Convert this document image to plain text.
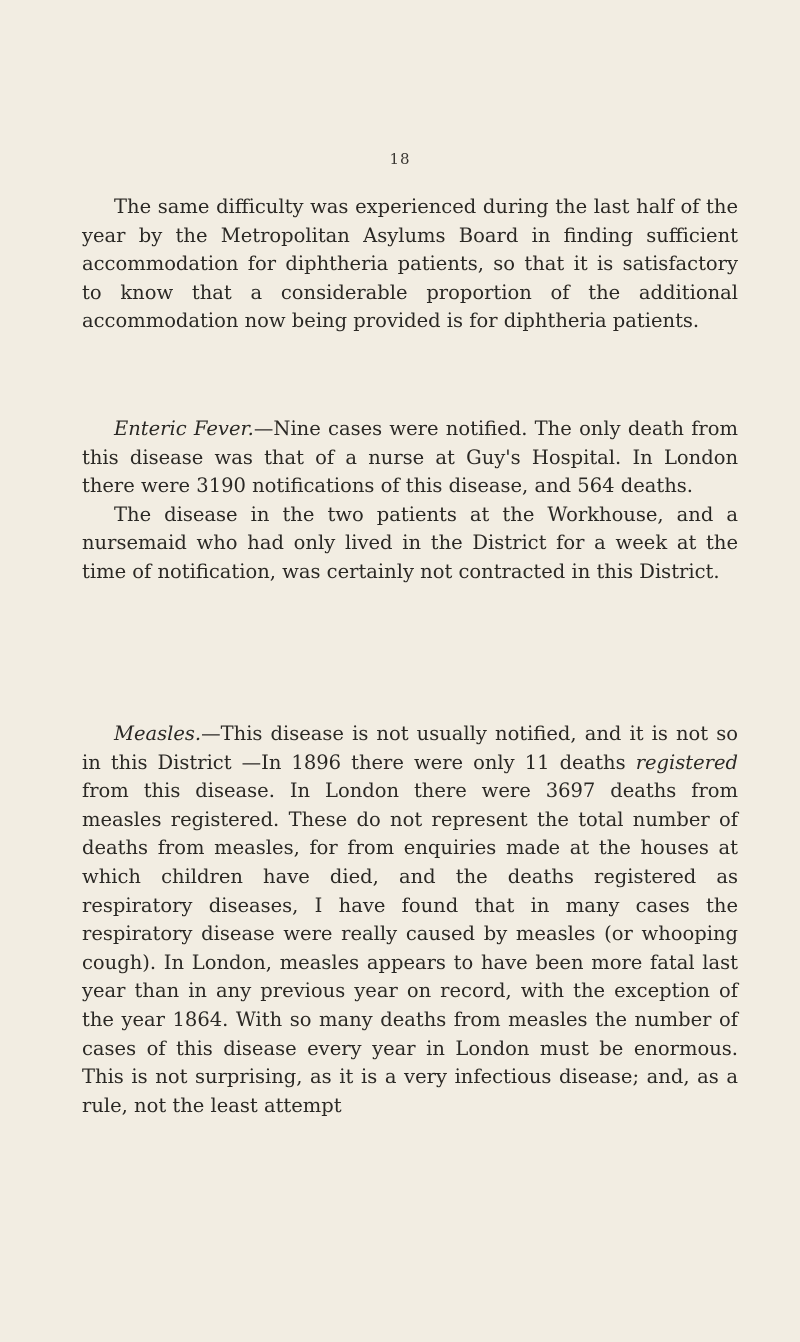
18

The same difficulty was experienced during the last half of the year by the Metropolitan Asylums Board in finding sufficient accommodation for diphtheria patients, so that it is satisfactory to know that a considerable proportion of the additional accommodation now being provided is for diphtheria patients.

Enteric Fever.—Nine cases were notified. The only death from this disease was that of a nurse at Guy's Hospital. In London there were 3190 notifications of this disease, and 564 deaths.

The disease in the two patients at the Workhouse, and a nursemaid who had only lived in the District for a week at the time of notification, was certainly not contracted in this District.

Measles.—This disease is not usually notified, and it is not so in this District —In 1896 there were only 11 deaths registered from this disease. In London there were 3697 deaths from measles registered. These do not represent the total number of deaths from measles, for from enquiries made at the houses at which children have died, and the deaths registered as respiratory diseases, I have found that in many cases the respiratory disease were really caused by measles (or whooping cough). In London, measles appears to have been more fatal last year than in any previous year on record, with the exception of the year 1864. With so many deaths from measles the number of cases of this disease every year in London must be enormous. This is not surprising, as it is a very infectious disease; and, as a rule, not the least attempt
